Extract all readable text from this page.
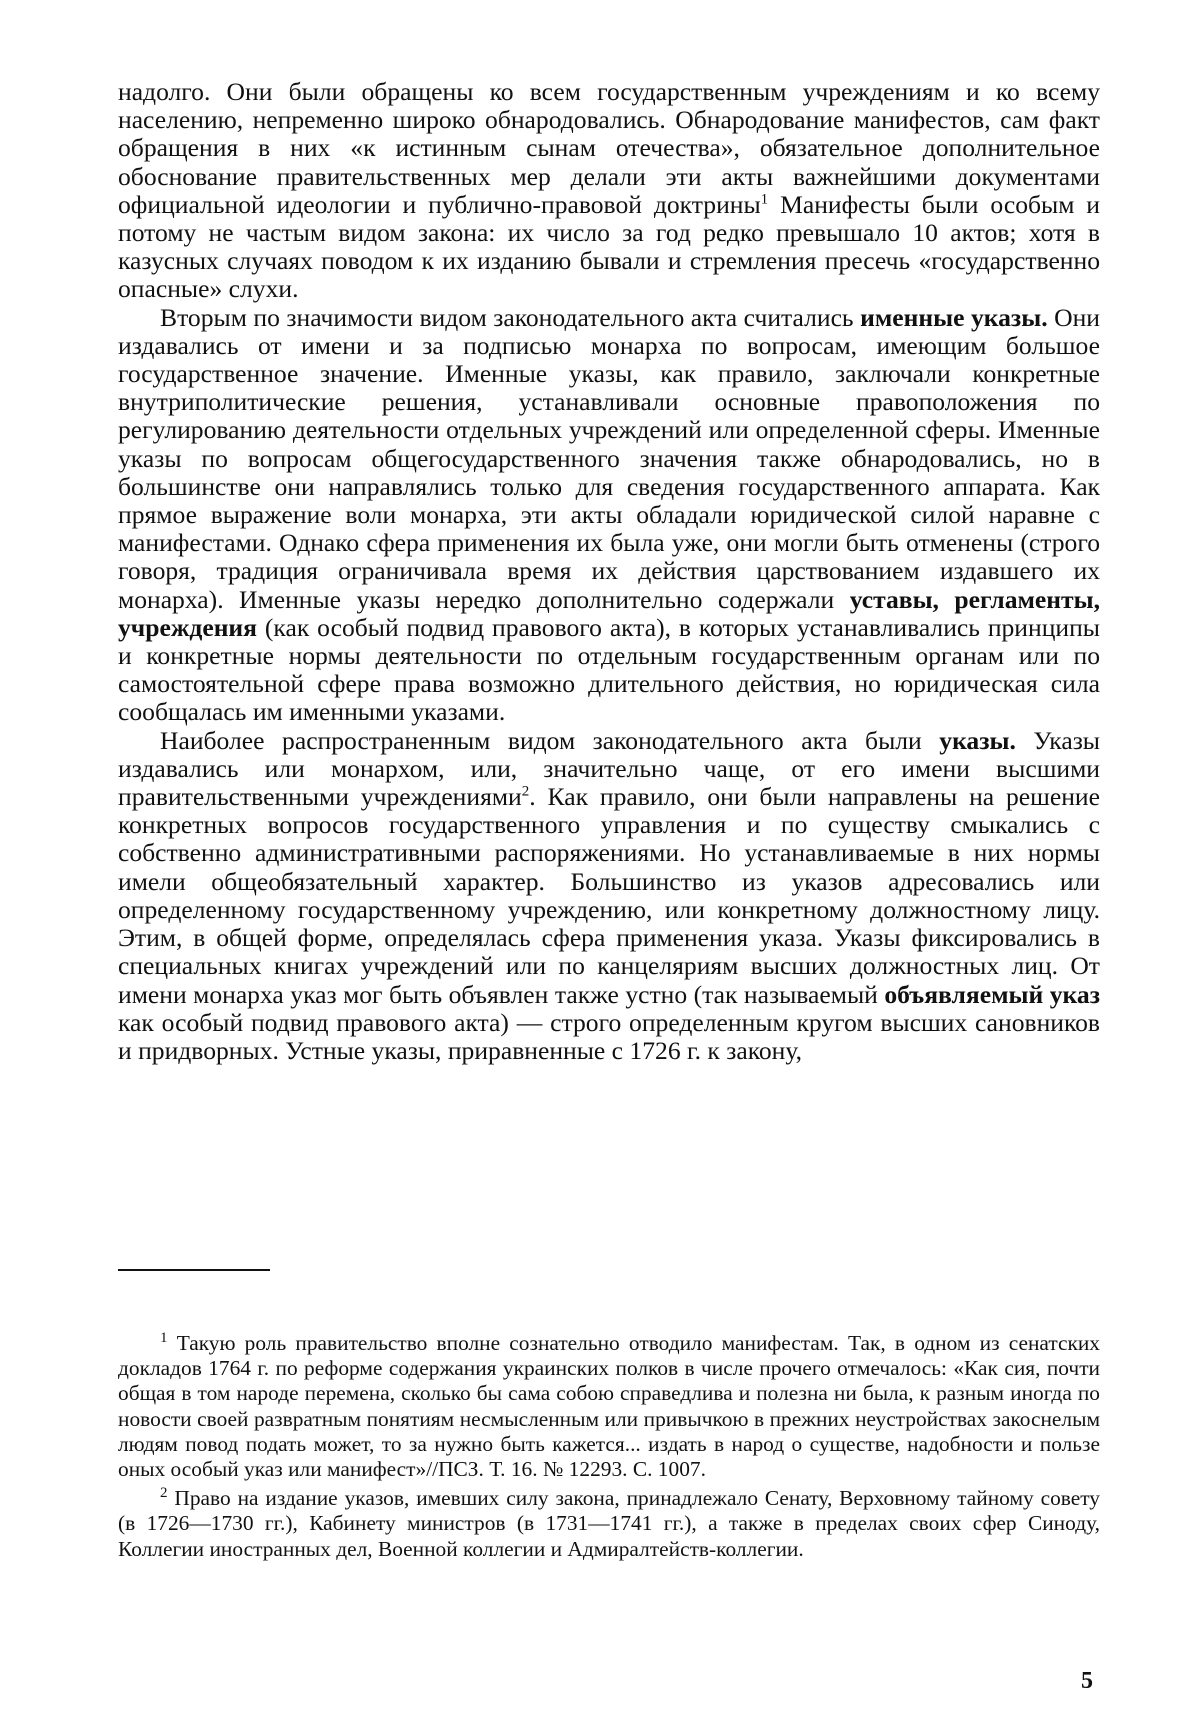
надолго. Они были обращены ко всем государственным учреждениям и ко всему населению, непременно широко обнародовались. Обнародование манифестов, сам факт обращения в них «к истинным сынам отечества», обязательное дополнительное обоснование правительственных мер делали эти акты важнейшими документами официальной идеологии и публично-правовой доктрины$^1$ Манифесты были особым и потому не частым видом закона: их число за год редко превышало 10 актов; хотя в казусных случаях поводом к их изданию бывали и стремления пресечь «государственно опасные» слухи.

Вторым по значимости видом законодательного акта считались именные указы. Они издавались от имени и за подписью монарха по вопросам, имеющим большое государственное значение. Именные указы, как правило, заключали конкретные внутриполитические решения, устанавливали основные правоположения по регулированию деятельности отдельных учреждений или определенной сферы. Именные указы по вопросам общегосударственного значения также обнародовались, но в большинстве они направлялись только для сведения государственного аппарата. Как прямое выражение воли монарха, эти акты обладали юридической силой наравне с манифестами. Однако сфера применения их была уже, они могли быть отменены (строго говоря, традиция ограничивала время их действия царствованием издавшего их монарха). Именные указы нередко дополнительно содержали уставы, регламенты, учреждения (как особый подвид правового акта), в которых устанавливались принципы и конкретные нормы деятельности по отдельным государственным органам или по самостоятельной сфере права возможно длительного действия, но юридическая сила сообщалась им именными указами.

Наиболее распространенным видом законодательного акта были указы. Указы издавались или монархом, или, значительно чаще, от его имени высшими правительственными учреждениями$^2$. Как правило, они были направлены на решение конкретных вопросов государственного управления и по существу смыкались с собственно административными распоряжениями. Но устанавливаемые в них нормы имели общеобязательный характер. Большинство из указов адресовались или определенному государственному учреждению, или конкретному должностному лицу. Этим, в общей форме, определялась сфера применения указа. Указы фиксировались в специальных книгах учреждений или по канцеляриям высших должностных лиц. От имени монарха указ мог быть объявлен также устно (так называемый объявляемый указ как особый подвид правового акта) — строго определенным кругом высших сановников и придворных. Устные указы, приравненные с 1726 г. к закону,

$^1$ Такую роль правительство вполне сознательно отводило манифестам. Так, в одном из сенатских докладов 1764 г. по реформе содержания украинских полков в числе прочего отмечалось: «Как сия, почти общая в том народе перемена, сколько бы сама собою справедлива и полезна ни была, к разным иногда по новости своей развратным понятиям несмысленным или привычкою в прежних неустройствах закоснелым людям повод подать может, то за нужно быть кажется... издать в народ о существе, надобности и пользе оных особый указ или манифест»//ПСЗ. Т. 16. № 12293. С. 1007.

$^2$ Право на издание указов, имевших силу закона, принадлежало Сенату, Верховному тайному совету (в 1726—1730 гг.), Кабинету министров (в 1731—1741 гг.), а также в пределах своих сфер Синоду, Коллегии иностранных дел, Военной коллегии и Адмиралтейств-коллегии.

5
